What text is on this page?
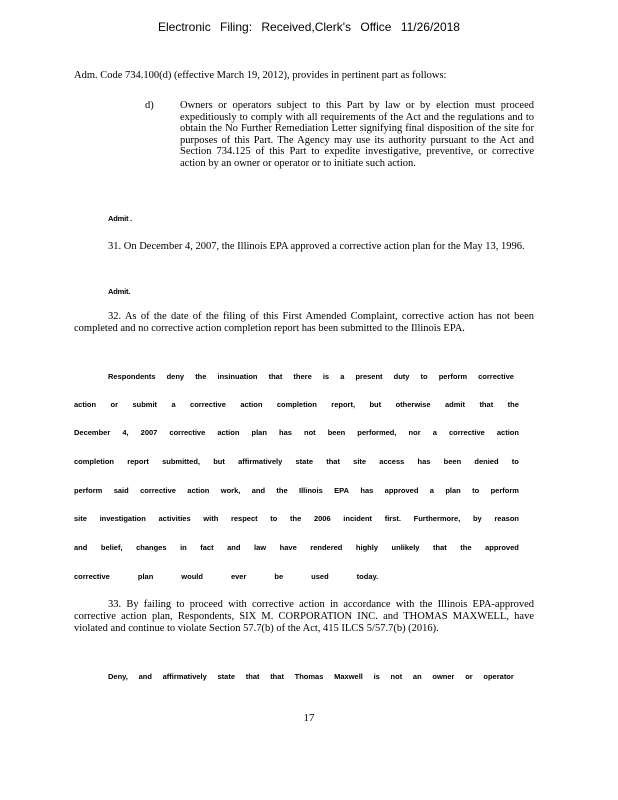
Electronic Filing: Received,Clerk's Office 11/26/2018
Adm. Code 734.100(d) (effective March 19, 2012), provides in pertinent part as follows:
d)	Owners or operators subject to this Part by law or by election must proceed expeditiously to comply with all requirements of the Act and the regulations and to obtain the No Further Remediation Letter signifying final disposition of the site for purposes of this Part. The Agency may use its authority pursuant to the Act and Section 734.125 of this Part to expedite investigative, preventive, or corrective action by an owner or operator or to initiate such action.
Admit .
31. On December 4, 2007, the Illinois EPA approved a corrective action plan for the May 13, 1996.
Admit.
32. As of the date of the filing of this First Amended Complaint, corrective action has not been completed and no corrective action completion report has been submitted to the Illinois EPA.
Respondents deny the insinuation that there is a present duty to perform corrective
action or submit a corrective action completion report, but otherwise admit that the
December 4, 2007 corrective action plan has not been performed, nor a corrective action
completion report submitted, but affirmatively state that site access has been denied to
perform said corrective action work, and the Illinois EPA has approved a plan to perform
site investigation activities with respect to the 2006 incident first. Furthermore, by reason
and belief, changes in fact and law have rendered highly unlikely that the approved
corrective	plan	would	ever	be	used	today.
33. By failing to proceed with corrective action in accordance with the Illinois EPA-approved corrective action plan, Respondents, SIX M. CORPORATION INC. and THOMAS MAXWELL, have violated and continue to violate Section 57.7(b) of the Act, 415 ILCS 5/57.7(b) (2016).
Deny, and affirmatively state that that Thomas Maxwell is not an owner or operator
17
